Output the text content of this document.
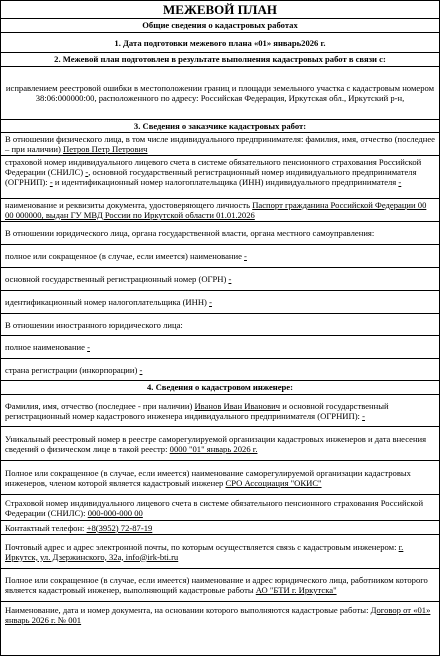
МЕЖЕВОЙ ПЛАН
Общие сведения о кадастровых работах
1. Дата подготовки межевого плана «01» январь2026 г.
2. Межевой план подготовлен в результате выполнения кадастровых работ в связи с:
исправлением реестровой ошибки в местоположении границ и площади земельного участка с кадастровым номером 38:06:000000:00, расположенного по адресу: Российская Федерация, Иркутская обл., Иркутский р-н,
3. Сведения о заказчике кадастровых работ:
В отношении физического лица, в том числе индивидуального предпринимателя: фамилия, имя, отчество (последнее – при наличии) Петров Петр Петрович
страховой номер индивидуального лицевого счета в системе обязательного пенсионного страхования Российской Федерации (СНИЛС) -, основной государственный регистрационный номер индивидуального предпринимателя (ОГРНИП): - и идентификационный номер налогоплательщика (ИНН) индивидуального предпринимателя -
наименование и реквизиты документа, удостоверяющего личность Паспорт гражданина Российской Федерации 00 00 000000, выдан ГУ МВД России по Иркутской области 01.01.2026
В отношении юридического лица, органа государственной власти, органа местного самоуправления:
полное или сокращенное (в случае, если имеется) наименование -
основной государственный регистрационный номер (ОГРН) -
идентификационный номер налогоплательщика (ИНН) -
В отношении иностранного юридического лица:
полное наименование -
страна регистрации (инкорпорации) -
4. Сведения о кадастровом инженере:
Фамилия, имя, отчество (последнее - при наличии) Иванов Иван Иванович и основной государственный регистрационный номер кадастрового инженера индивидуального предпринимателя (ОГРНИП): -
Уникальный реестровый номер в реестре саморегулируемой организации кадастровых инженеров и дата внесения сведений о физическом лице в такой реестр: 0000 "01" январь 2026 г.
Полное или сокращенное (в случае, если имеется) наименование саморегулируемой организации кадастровых инженеров, членом которой является кадастровый инженер СРО Ассоциация "ОКИС"
Страховой номер индивидуального лицевого счета в системе обязательного пенсионного страхования Российской Федерации (СНИЛС): 000-000-000 00
Контактный телефон: +8(3952) 72-87-19
Почтовый адрес и адрес электронной почты, по которым осуществляется связь с кадастровым инженером: г. Иркутск, ул. Дзержинского, 32а, info@irk-bti.ru
Полное или сокращенное (в случае, если имеется) наименование и адрес юридического лица, работником которого является кадастровый инженер, выполняющий кадастровые работы АО "БТИ г. Иркутска"
Наименование, дата и номер документа, на основании которого выполняются кадастровые работы: Договор от «01» январь 2026 г. № 001
